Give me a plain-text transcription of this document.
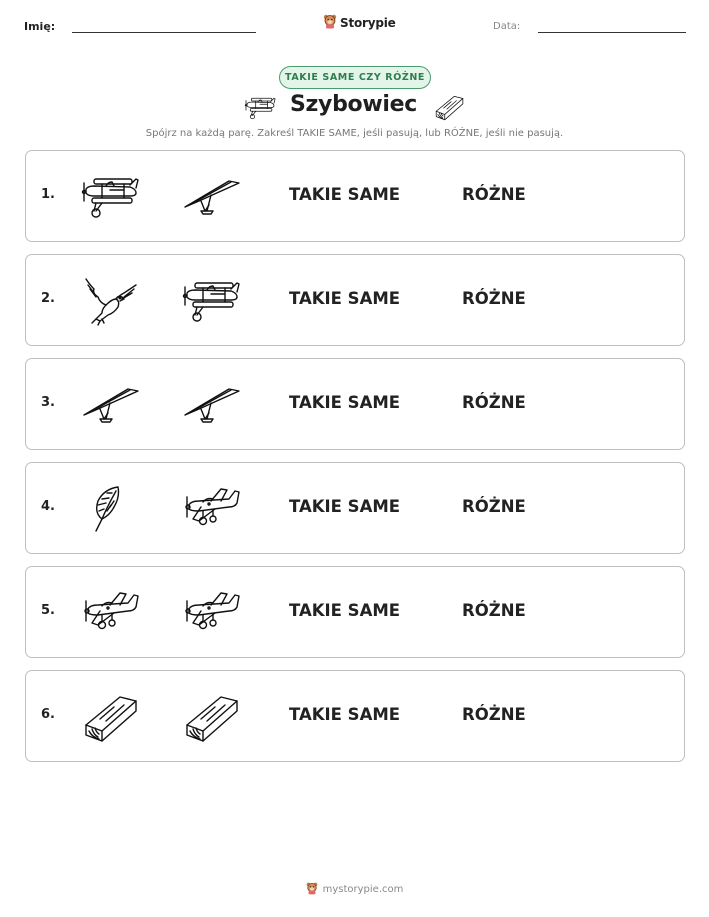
Imię:	Storypie	Data:
TAKIE SAME CZY RÓŻNE
Szybowiec
Spójrz na każdą parę. Zakreśl TAKIE SAME, jeśli pasują, lub RÓŻNE, jeśli nie pasują.
1.	TAKIE SAME	RÓŻNE
2.	TAKIE SAME	RÓŻNE
3.	TAKIE SAME	RÓŻNE
4.	TAKIE SAME	RÓŻNE
5.	TAKIE SAME	RÓŻNE
6.	TAKIE SAME	RÓŻNE
mystorypie.com
